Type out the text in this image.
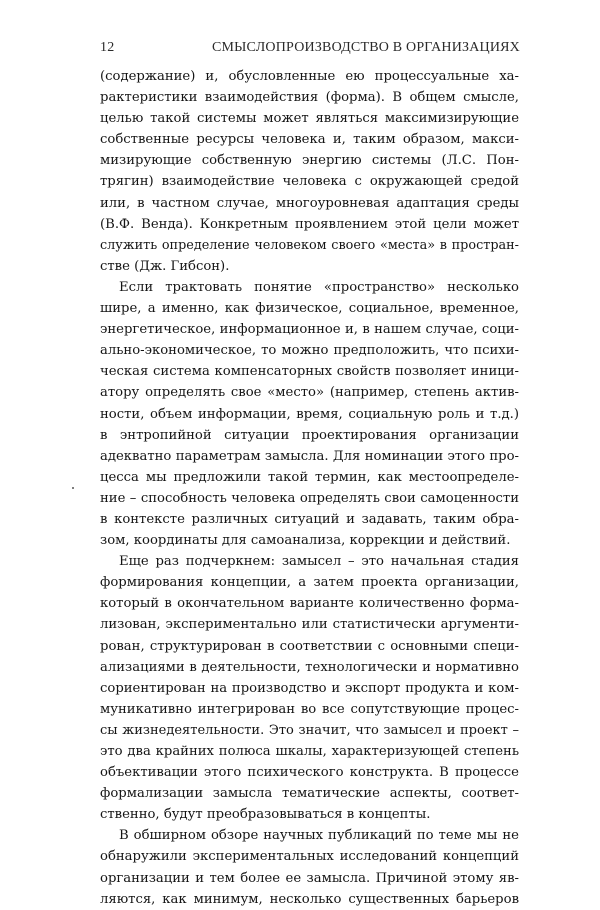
12	СМЫСЛОПРОИЗВОДСТВО В ОРГАНИЗАЦИЯХ
(содержание) и, обусловленные ею процессуальные ха-
рактеристики взаимодействия (форма). В общем смысле,
целью такой системы может являться максимизирующие
собственные ресурсы человека и, таким образом, макси-
мизирующие собственную энергию системы (Л.С. Пон-
трягин) взаимодействие человека с окружающей средой
или, в частном случае, многоуровневая адаптация среды
(В.Ф. Венда). Конкретным проявлением этой цели может
служить определение человеком своего «места» в простран-
стве (Дж. Гибсон).
Если трактовать понятие «пространство» несколько
шире, а именно, как физическое, социальное, временное,
энергетическое, информационное и, в нашем случае, соци-
ально-экономическое, то можно предположить, что психи-
ческая система компенсаторных свойств позволяет иници-
атору определять свое «место» (например, степень актив-
ности, объем информации, время, социальную роль и т.д.)
в энтропийной ситуации проектирования организации
адекватно параметрам замысла. Для номинации этого про-
цесса мы предложили такой термин, как местоопределе-
ние – способность человека определять свои самоценности
в контексте различных ситуаций и задавать, таким обра-
зом, координаты для самоанализа, коррекции и действий.
Еще раз подчеркнем: замысел – это начальная стадия
формирования концепции, а затем проекта организации,
который в окончательном варианте количественно форма-
лизован, экспериментально или статистически аргументи-
рован, структурирован в соответствии с основными специ-
ализациями в деятельности, технологически и нормативно
сориентирован на производство и экспорт продукта и ком-
муникативно интегрирован во все сопутствующие процес-
сы жизнедеятельности. Это значит, что замысел и проект –
это два крайних полюса шкалы, характеризующей степень
объективации этого психического конструкта. В процессе
формализации замысла тематические аспекты, соответ-
ственно, будут преобразовываться в концепты.
В обширном обзоре научных публикаций по теме мы не
обнаружили экспериментальных исследований концепций
организации и тем более ее замысла. Причиной этому яв-
ляются, как минимум, несколько существенных барьеров
